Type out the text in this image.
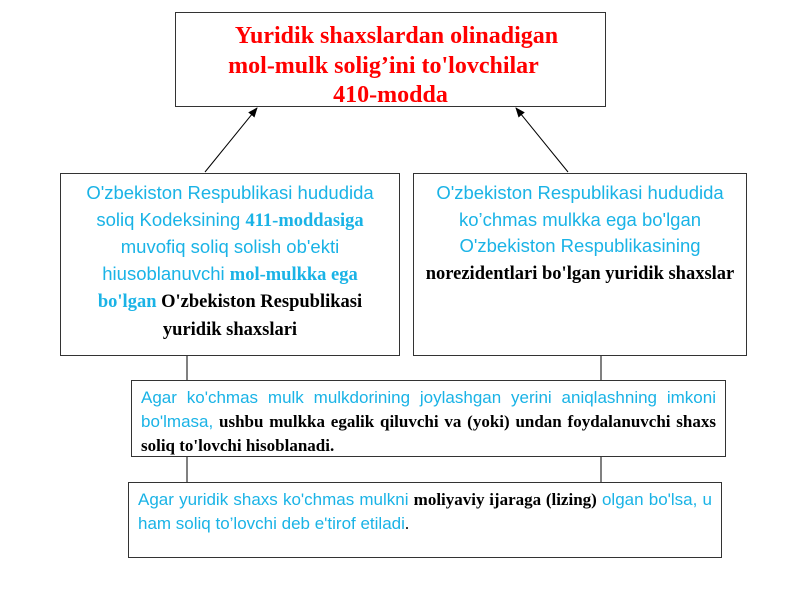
Yuridik shaxslardan olinadigan
mol-mulk solig’ini to'lovchilar
410-modda
O'zbekiston Respublikasi hududida soliq Kodeksining 411-moddasiga muvofiq soliq solish ob'ekti hiusoblanuvchi mol-mulkka ega
bo'lgan O'zbekiston Respublikasi yuridik shaxslari
O'zbekiston Respublikasi hududida ko’chmas mulkka ega bo'lgan O'zbekiston Respublikasining
norezidentlari bo'lgan yuridik shaxslar
Agar ko'chmas mulk mulkdorining joylashgan yerini aniqlashning imkoni bo'lmasa, ushbu mulkka egalik qiluvchi va (yoki) undan foydalanuvchi shaxs soliq to'lovchi hisoblanadi.
Agar yuridik shaxs ko'chmas mulkni moliyaviy ijaraga (lizing) olgan bo'lsa, u ham soliq to’lovchi deb e'tirof etiladi.
